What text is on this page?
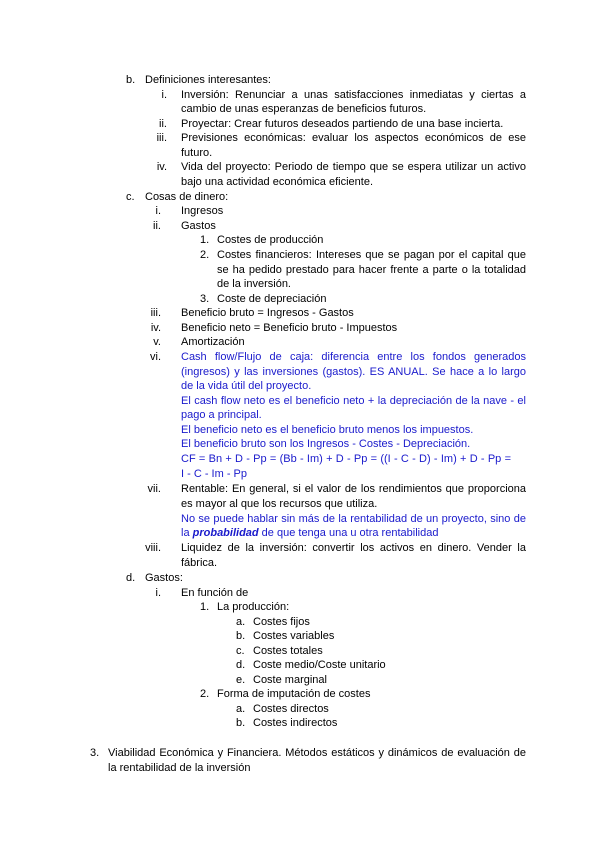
b. Definiciones interesantes:
i. Inversión: Renunciar a unas satisfacciones inmediatas y ciertas a
cambio de unas esperanzas de beneficios futuros.
ii. Proyectar: Crear futuros deseados partiendo de una base incierta.
iii. Previsiones económicas: evaluar los aspectos económicos de ese
futuro.
iv. Vida del proyecto: Periodo de tiempo que se espera utilizar un activo
bajo una actividad económica eficiente.
c. Cosas de dinero:
i. Ingresos
ii. Gastos
1. Costes de producción
2. Costes financieros: Intereses que se pagan por el capital que
se ha pedido prestado para hacer frente a parte o la totalidad
de la inversión.
3. Coste de depreciación
iii. Beneficio bruto = Ingresos - Gastos
iv. Beneficio neto = Beneficio bruto - Impuestos
v. Amortización
vi. Cash flow/Flujo de caja: diferencia entre los fondos generados
(ingresos) y las inversiones (gastos). ES ANUAL. Se hace a lo largo
de la vida útil del proyecto.
El cash flow neto es el beneficio neto + la depreciación de la nave - el
pago a principal.
El beneficio neto es el beneficio bruto menos los impuestos.
El beneficio bruto son los Ingresos - Costes - Depreciación.
CF = Bn + D - Pp = (Bb - Im) + D - Pp = ((I - C - D) - Im) + D - Pp =
I - C - Im - Pp
vii. Rentable: En general, si el valor de los rendimientos que proporciona
es mayor al que los recursos que utiliza.
No se puede hablar sin más de la rentabilidad de un proyecto, sino de
la probabilidad de que tenga una u otra rentabilidad
viii. Liquidez de la inversión: convertir los activos en dinero. Vender la
fábrica.
d. Gastos:
i. En función de
1. La producción:
a. Costes fijos
b. Costes variables
c. Costes totales
d. Coste medio/Coste unitario
e. Coste marginal
2. Forma de imputación de costes
a. Costes directos
b. Costes indirectos
3. Viabilidad Económica y Financiera. Métodos estáticos y dinámicos de evaluación de
la rentabilidad de la inversión
